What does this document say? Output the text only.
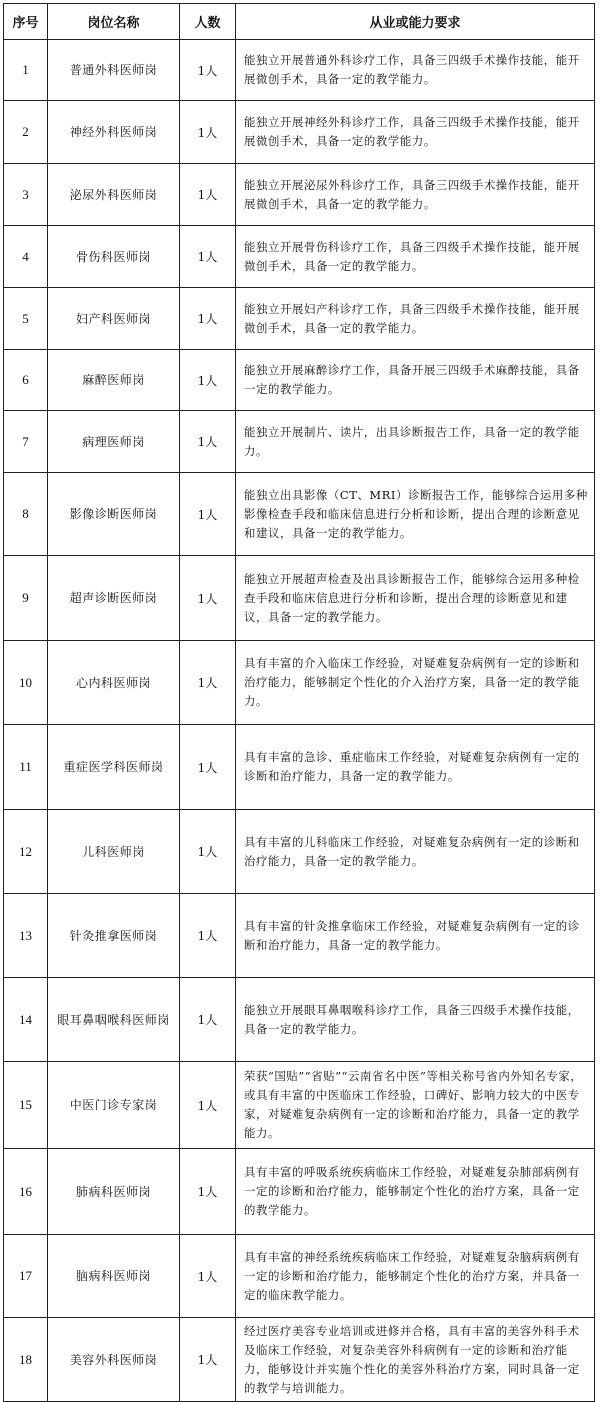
序号	岗位名称	人数	从业或能力要求
1	普通外科医师岗	1人	能独立开展普通外科诊疗工作，具备三四级手术操作技能，能开展微创手术，具备一定的教学能力。
2	神经外科医师岗	1人	能独立开展神经外科诊疗工作，具备三四级手术操作技能，能开展微创手术，具备一定的教学能力。
3	泌尿外科医师岗	1人	能独立开展泌尿外科诊疗工作，具备三四级手术操作技能，能开展微创手术，具备一定的教学能力。
4	骨伤科医师岗	1人	能独立开展骨伤科诊疗工作，具备三四级手术操作技能，能开展微创手术，具备一定的教学能力。
5	妇产科医师岗	1人	能独立开展妇产科诊疗工作，具备三四级手术操作技能，能开展微创手术，具备一定的教学能力。
6	麻醉医师岗	1人	能独立开展麻醉诊疗工作，具备开展三四级手术麻醉技能，具备一定的教学能力。
7	病理医师岗	1人	能独立开展制片、读片，出具诊断报告工作，具备一定的教学能力。
8	影像诊断医师岗	1人	能独立出具影像（CT、MRI）诊断报告工作，能够综合运用多种影像检查手段和临床信息进行分析和诊断，提出合理的诊断意见和建议，具备一定的教学能力。
9	超声诊断医师岗	1人	能独立开展超声检查及出具诊断报告工作，能够综合运用多种检查手段和临床信息进行分析和诊断，提出合理的诊断意见和建议，具备一定的教学能力。
10	心内科医师岗	1人	具有丰富的介入临床工作经验，对疑难复杂病例有一定的诊断和治疗能力，能够制定个性化的介入治疗方案，具备一定的教学能力。
11	重症医学科医师岗	1人	具有丰富的急诊、重症临床工作经验，对疑难复杂病例有一定的诊断和治疗能力，具备一定的教学能力。
12	儿科医师岗	1人	具有丰富的儿科临床工作经验，对疑难复杂病例有一定的诊断和治疗能力，具备一定的教学能力。
13	针灸推拿医师岗	1人	具有丰富的针灸推拿临床工作经验，对疑难复杂病例有一定的诊断和治疗能力，具备一定的教学能力。
14	眼耳鼻咽喉科医师岗	1人	能独立开展眼耳鼻咽喉科诊疗工作，具备三四级手术操作技能，具备一定的教学能力。
15	中医门诊专家岗	1人	荣获“国贴”“省贴”“云南省名中医”等相关称号省内外知名专家，或具有丰富的中医临床工作经验，口碑好、影响力较大的中医专家，对疑难复杂病例有一定的诊断和治疗能力，具备一定的教学能力。
16	肺病科医师岗	1人	具有丰富的呼吸系统疾病临床工作经验，对疑难复杂肺部病例有一定的诊断和治疗能力，能够制定个性化的治疗方案，具备一定的教学能力。
17	脑病科医师岗	1人	具有丰富的神经系统疾病临床工作经验，对疑难复杂脑病病例有一定的诊断和治疗能力，能够制定个性化的治疗方案，并具备一定的临床教学能力。
18	美容外科医师岗	1人	经过医疗美容专业培训或进修并合格，具有丰富的美容外科手术及临床工作经验，对复杂美容外科病例有一定的诊断和治疗能力，能够设计并实施个性化的美容外科治疗方案，同时具备一定的教学与培训能力。
